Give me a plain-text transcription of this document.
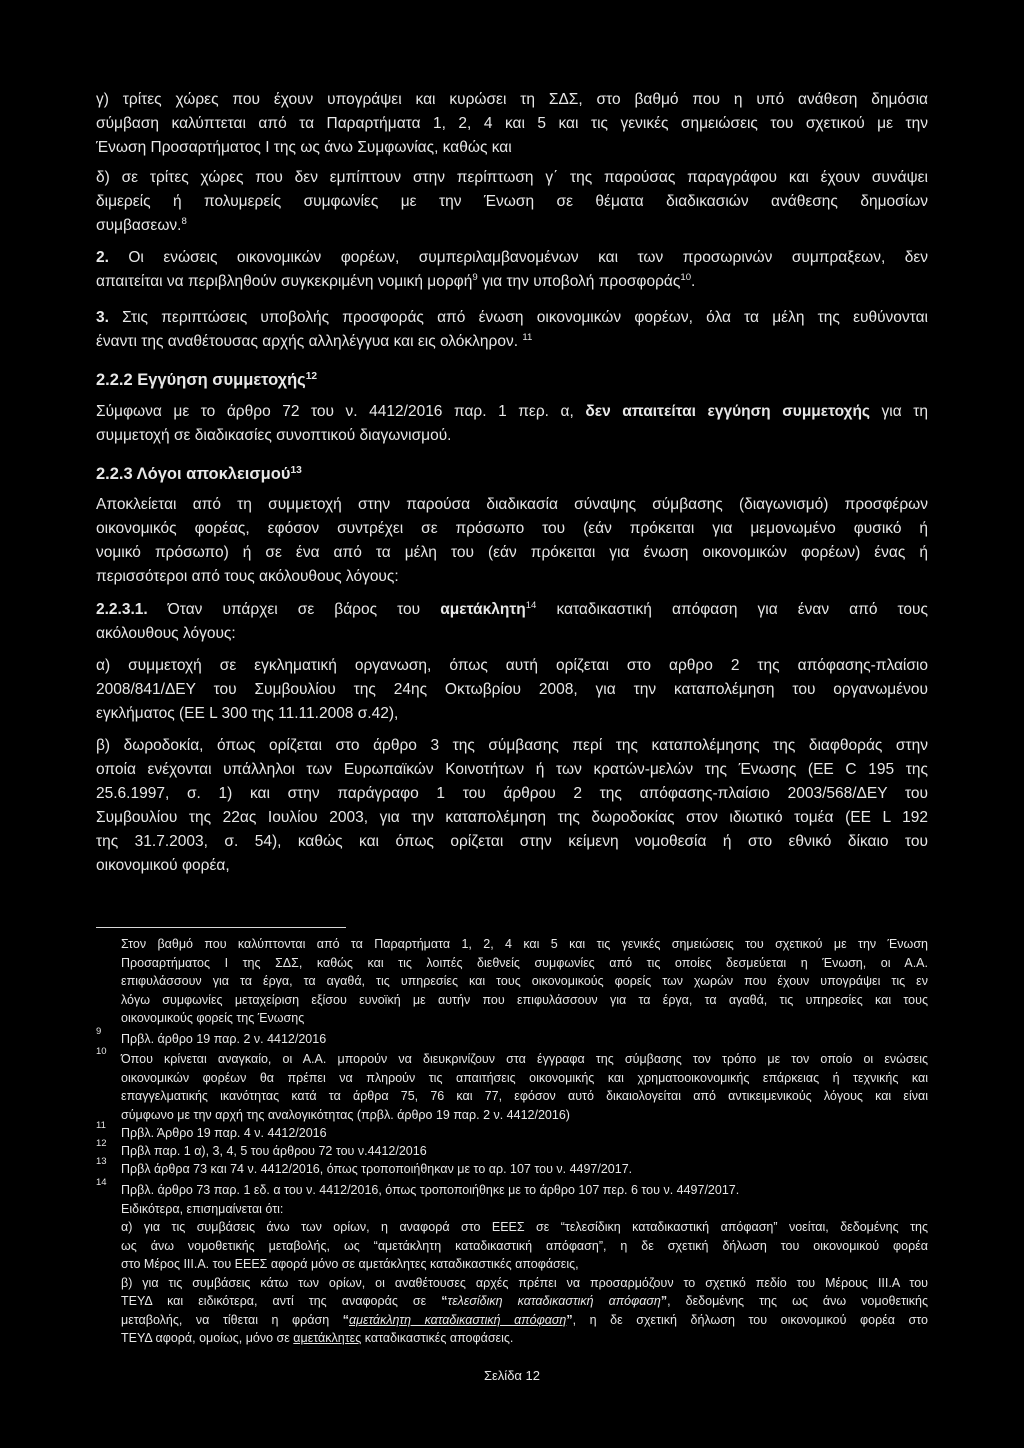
γ) τρίτες χώρες που έχουν υπογράψει και κυρώσει τη ΣΔΣ, στο βαθμό που η υπό ανάθεση δημόσια
σύμβαση καλύπτεται από τα Παραρτήματα 1, 2, 4 και 5 και τις γενικές σημειώσεις του σχετικού με την
Ένωση Προσαρτήματος I της ως άνω Συμφωνίας, καθώς και
δ) σε τρίτες χώρες που δεν εμπίπτουν στην περίπτωση γ΄ της παρούσας παραγράφου και έχουν συνάψει
διμερείς ή πολυμερείς συμφωνίες με την Ένωση σε θέματα διαδικασιών ανάθεσης δημοσίων
συμβασεων.$^8$
2. Οι ενώσεις οικονομικών φορέων, συμπεριλαμβανομένων και των προσωρινών συμπραξεων, δεν
απαιτείται να περιβληθούν συγκεκριμένη νομική μορφή$^9$ για την υποβολή προσφοράς$^{10}$.
3. Στις περιπτώσεις υποβολής προσφοράς από ένωση οικονομικών φορέων, όλα τα μέλη της ευθύνονται
έναντι της αναθέτουσας αρχής αλληλέγγυα και εις ολόκληρον. $^{11}$
2.2.2 Εγγύηση συμμετοχής$^{12}$
Σύμφωνα με το άρθρο 72 του ν. 4412/2016 παρ. 1 περ. α, δεν απαιτείται εγγύηση συμμετοχής για τη
συμμετοχή σε διαδικασίες συνοπτικού διαγωνισμού.
2.2.3 Λόγοι αποκλεισμού$^{13}$
Αποκλείεται από τη συμμετοχή στην παρούσα διαδικασία σύναψης σύμβασης (διαγωνισμό) προσφέρων
οικονομικός φορέας, εφόσον συντρέχει σε πρόσωπο του (εάν πρόκειται για μεμονωμένο φυσικό ή
νομικό πρόσωπο) ή σε ένα από τα μέλη του (εάν πρόκειται για ένωση οικονομικών φορέων) ένας ή
περισσότεροι από τους ακόλουθους λόγους:
2.2.3.1. Όταν υπάρχει σε βάρος του αμετάκλητη$^{14}$ καταδικαστική απόφαση για έναν από τους
ακόλουθους λόγους:
α) συμμετοχή σε εγκληματική οργανωση, όπως αυτή ορίζεται στο αρθρο 2 της απόφασης-πλαίσιο
2008/841/ΔΕΥ του Συμβουλίου της 24ης Οκτωβρίου 2008, για την καταπολέμηση του οργανωμένου
εγκλήματος (ΕΕ L 300 της 11.11.2008 σ.42),
β) δωροδοκία, όπως ορίζεται στο άρθρο 3 της σύμβασης περί της καταπολέμησης της διαφθοράς στην
οποία ενέχονται υπάλληλοι των Ευρωπαϊκών Κοινοτήτων ή των κρατών-μελών της Ένωσης (ΕΕ C 195 της
25.6.1997, σ. 1) και στην παράγραφο 1 του άρθρου 2 της απόφασης-πλαίσιο 2003/568/ΔΕΥ του
Συμβουλίου της 22ας Ιουλίου 2003, για την καταπολέμηση της δωροδοκίας στον ιδιωτικό τομέα (ΕΕ L 192
της 31.7.2003, σ. 54), καθώς και όπως ορίζεται στην κείμενη νομοθεσία ή στο εθνικό δίκαιο του
οικονομικού φορέα,
Στον βαθμό που καλύπτονται από τα Παραρτήματα 1, 2, 4 και 5 και τις γενικές σημειώσεις του σχετικού με την Ένωση
Προσαρτήματος I της ΣΔΣ, καθώς και τις λοιπές διεθνείς συμφωνίες από τις οποίες δεσμεύεται η Ένωση, οι Α.Α.
επιφυλάσσουν για τα έργα, τα αγαθά, τις υπηρεσίες και τους οικονομικούς φορείς των χωρών που έχουν υπογράψει τις εν
λόγω συμφωνίες μεταχείριση εξίσου ευνοϊκή με αυτήν που επιφυλάσσουν για τα έργα, τα αγαθά, τις υπηρεσίες και τους
οικονομικούς φορείς της Ένωσης
9
Πρβλ. άρθρο 19 παρ. 2 ν. 4412/2016
10
Όπου κρίνεται αναγκαίο, οι Α.Α. μπορούν να διευκρινίζουν στα έγγραφα της σύμβασης τον τρόπο με τον οποίο οι ενώσεις
οικονομικών φορέων θα πρέπει να πληρούν τις απαιτήσεις οικονομικής και χρηματοοικονομικής επάρκειας ή τεχνικής και
επαγγελματικής ικανότητας κατά τα άρθρα 75, 76 και 77, εφόσον αυτό δικαιολογείται από αντικειμενικούς λόγους και είναι
σύμφωνο με την αρχή της αναλογικότητας (πρβλ. άρθρο 19 παρ. 2 ν. 4412/2016)
11
Πρβλ. Άρθρο 19 παρ. 4 ν. 4412/2016
12
Πρβλ παρ. 1 α), 3, 4, 5 του άρθρου 72 του ν.4412/2016
13
Πρβλ άρθρα 73 και 74 ν. 4412/2016, όπως τροποποιήθηκαν με το αρ. 107 του ν. 4497/2017.
14
Πρβλ. άρθρο 73 παρ. 1 εδ. α του ν. 4412/2016, όπως τροποποιήθηκε με το άρθρο 107 περ. 6 του ν. 4497/2017.
Ειδικότερα, επισημαίνεται ότι:
α) για τις συμβάσεις άνω των ορίων, η αναφορά στο ΕΕΕΣ σε “τελεσίδικη καταδικαστική απόφαση” νοείται, δεδομένης της
ως άνω νομοθετικής μεταβολής, ως “αμετάκλητη καταδικαστική απόφαση”, η δε σχετική δήλωση του οικονομικού φορέα
στο Μέρος ΙΙΙ.Α. του ΕΕΕΣ αφορά μόνο σε αμετάκλητες καταδικαστικές αποφάσεις,
β) για τις συμβάσεις κάτω των ορίων, οι αναθέτουσες αρχές πρέπει να προσαρμόζουν το σχετικό πεδίο του Μέρους ΙΙΙ.Α του
ΤΕΥΔ και ειδικότερα, αντί της αναφοράς σε “τελεσίδικη καταδικαστική απόφαση”, δεδομένης της ως άνω νομοθετικής
μεταβολής, να τίθεται η φράση “αμετάκλητη καταδικαστική απόφαση”, η δε σχετική δήλωση του οικονομικού φορέα στο
ΤΕΥΔ αφορά, ομοίως, μόνο σε αμετάκλητες καταδικαστικές αποφάσεις.
Σελίδα 12
